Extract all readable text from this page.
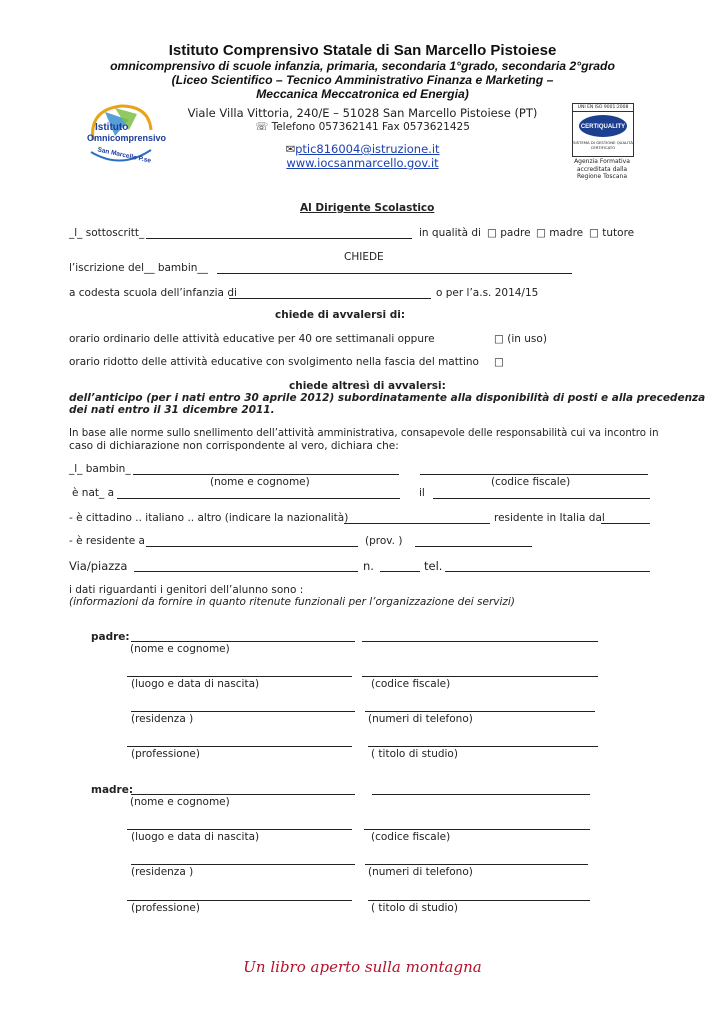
Istituto Comprensivo Statale di San Marcello Pistoiese
omnicomprensivo di scuole infanzia, primaria, secondaria 1°grado, secondaria 2°grado
(Liceo Scientifico – Tecnico Amministrativo Finanza e Marketing –
Meccanica Meccatronica ed Energia)
Istituto
Omnicomprensivo
San Marcello P.se
Viale Villa Vittoria, 240/E – 51028 San Marcello Pistoiese (PT)
☏ Telefono 057362141 Fax 0573621425
✉ptic816004@istruzione.it
www.iocsanmarcello.gov.it
UNI EN ISO 9001:2008
CERTIQUALITY
SISTEMA DI GESTIONE QUALITÀ CERTIFICATO
Agenzia Formativa
accreditata dalla
Regione Toscana
Al Dirigente Scolastico
_l_ sottoscritt_	in qualità di □ padre □ madre □ tutore
CHIEDE
l’iscrizione del__ bambin__
a codesta scuola dell’infanzia di	o per l’a.s. 2014/15
chiede di avvalersi di:
orario ordinario delle attività educative per 40 ore settimanali oppure	□ (in uso)
orario ridotto delle attività educative con svolgimento nella fascia del mattino □
chiede altresì di avvalersi:
dell’anticipo (per i nati entro 30 aprile 2012) subordinatamente alla disponibilità di posti e alla precedenza
dei nati entro il 31 dicembre 2011.
In base alle norme sullo snellimento dell’attività amministrativa, consapevole delle responsabilità cui va incontro in
caso di dichiarazione non corrispondente al vero, dichiara che:
_l_ bambin_
(nome e cognome)	(codice fiscale)
è nat_ a	il
- è cittadino .. italiano .. altro (indicare la nazionalità)	residente in Italia dal
- è residente a	(prov. )
Via/piazza	n.	tel.
i dati riguardanti i genitori dell’alunno sono :
(informazioni da fornire in quanto ritenute funzionali per l’organizzazione dei servizi)
padre:
(nome e cognome)
(luogo e data di nascita)	(codice fiscale)
(residenza )	(numeri di telefono)
(professione)	( titolo di studio)
madre:
(nome e cognome)
(luogo e data di nascita)	(codice fiscale)
(residenza )	(numeri di telefono)
(professione)	( titolo di studio)
Un libro aperto sulla montagna
